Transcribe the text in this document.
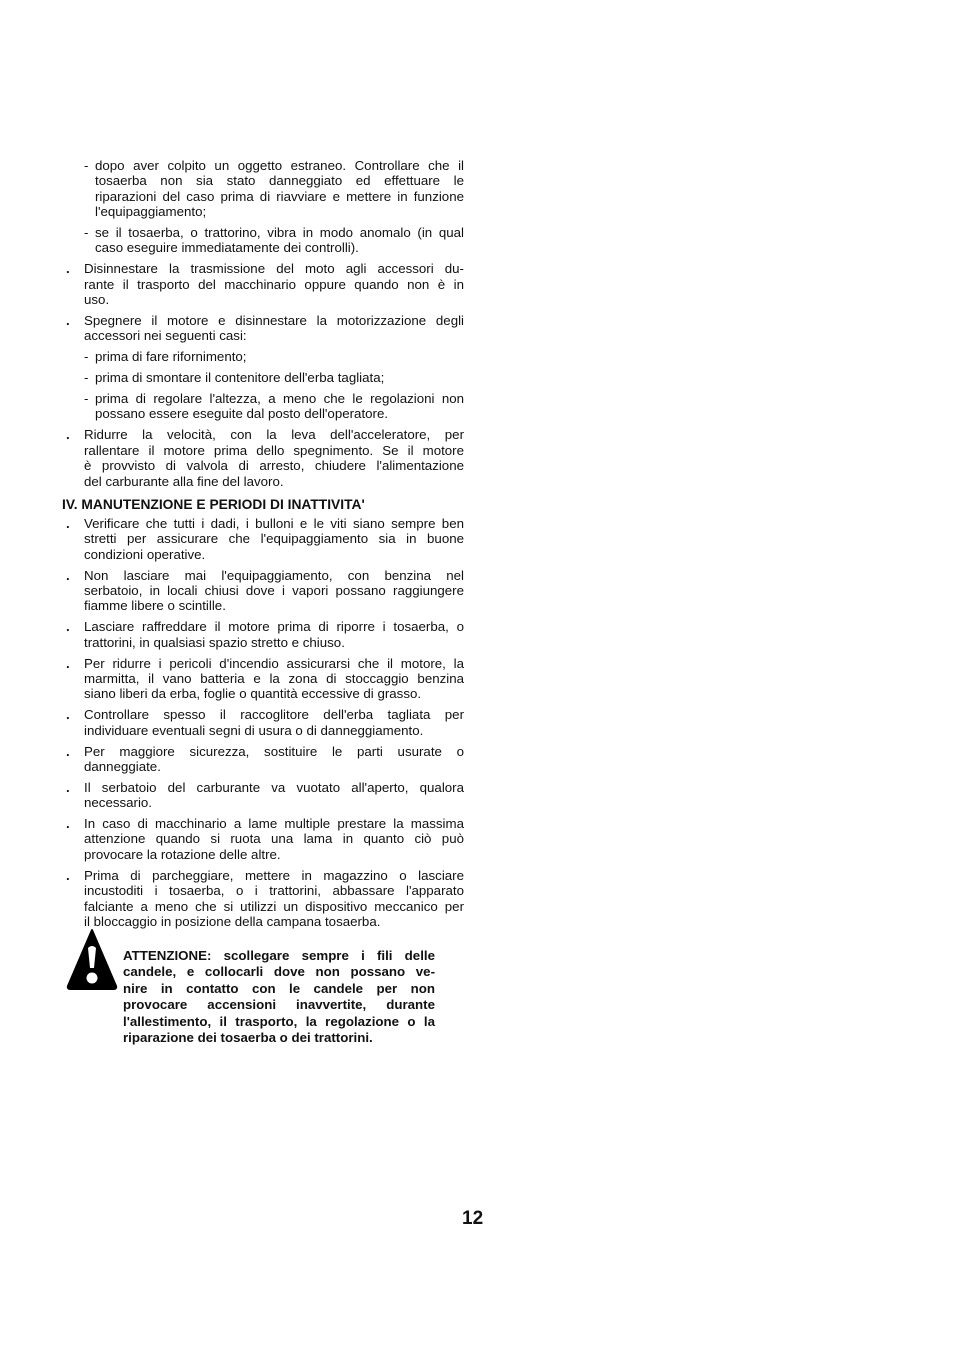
- dopo aver colpito un oggetto estraneo. Controllare che il
tosaerba non sia stato danneggiato ed effettuare le
riparazioni del caso prima di riavviare e mettere in funzione
l'equipaggiamento;
- se il tosaerba, o trattorino, vibra in modo anomalo (in qual
caso eseguire immediatamente dei controlli).
. Disinnestare la trasmissione del moto agli accessori du-
rante il trasporto del macchinario oppure quando non è in
uso.
. Spegnere il motore e disinnestare la motorizzazione degli
accessori nei seguenti casi:
- prima di fare rifornimento;
- prima di smontare il contenitore dell'erba tagliata;
- prima di regolare l'altezza, a meno che le regolazioni non
possano essere eseguite dal posto dell'operatore.
. Ridurre la velocità, con la leva dell'acceleratore, per
rallentare il motore prima dello spegnimento. Se il motore
è provvisto di valvola di arresto, chiudere l'alimentazione
del carburante alla fine del lavoro.
IV. MANUTENZIONE E PERIODI DI INATTIVITA'
. Verificare che tutti i dadi, i bulloni e le viti siano sempre ben
stretti per assicurare che l'equipaggiamento sia in buone
condizioni operative.
. Non lasciare mai l'equipaggiamento, con benzina nel
serbatoio, in locali chiusi dove i vapori possano raggiungere
fiamme libere o scintille.
. Lasciare raffreddare il motore prima di riporre i tosaerba, o
trattorini, in qualsiasi spazio stretto e chiuso.
. Per ridurre i pericoli d'incendio assicurarsi che il motore, la
marmitta, il vano batteria e la zona di stoccaggio benzina
siano liberi da erba, foglie o quantità eccessive di grasso.
. Controllare spesso il raccoglitore dell'erba tagliata per
individuare eventuali segni di usura o di danneggiamento.
. Per maggiore sicurezza, sostituire le parti usurate o
danneggiate.
. Il serbatoio del carburante va vuotato all'aperto, qualora
necessario.
. In caso di macchinario a lame multiple prestare la massima
attenzione quando si ruota una lama in quanto ciò può
provocare la rotazione delle altre.
. Prima di parcheggiare, mettere in magazzino o lasciare
incustoditi i tosaerba, o i trattorini, abbassare l'apparato
falciante a meno che si utilizzi un dispositivo meccanico per
il bloccaggio in posizione della campana tosaerba.
ATTENZIONE: scollegare sempre i fili delle
candele, e collocarli dove non possano ve-
nire in contatto con le candele per non
provocare accensioni inavvertite, durante
l'allestimento, il trasporto, la regolazione o la
riparazione dei tosaerba o dei trattorini.
12
